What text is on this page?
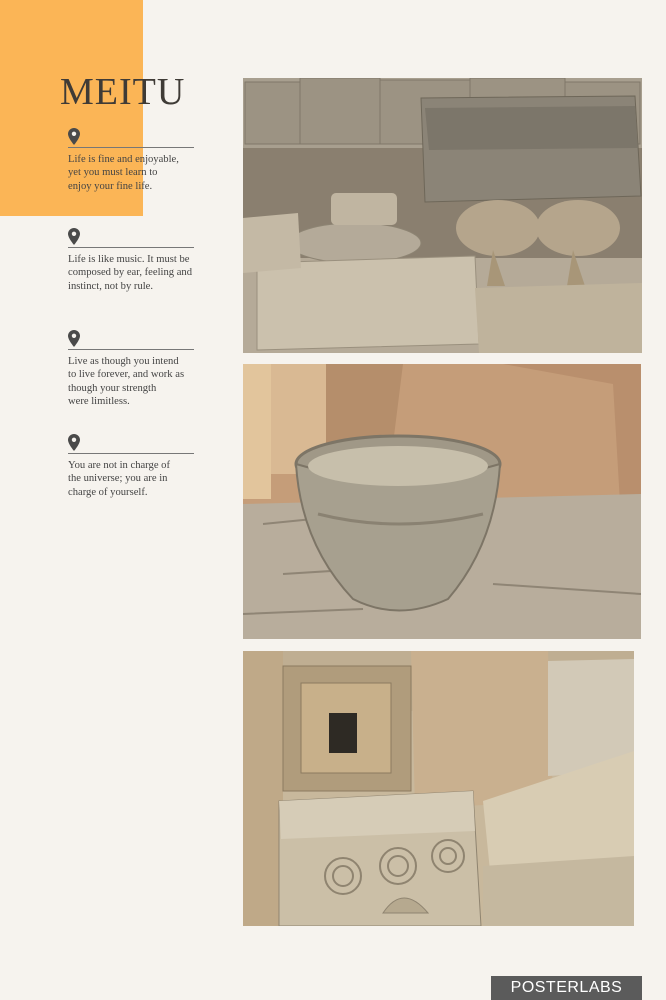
MEITU

Life is fine and enjoyable,
yet you must learn to
enjoy your fine life.

Life is like music. It must be
composed by ear, feeling and
instinct, not by rule.

Live as though you intend
to live forever, and work as
though your strength
were limitless.

You are not in charge of
the universe; you are in
charge of yourself.

POSTERLABS
